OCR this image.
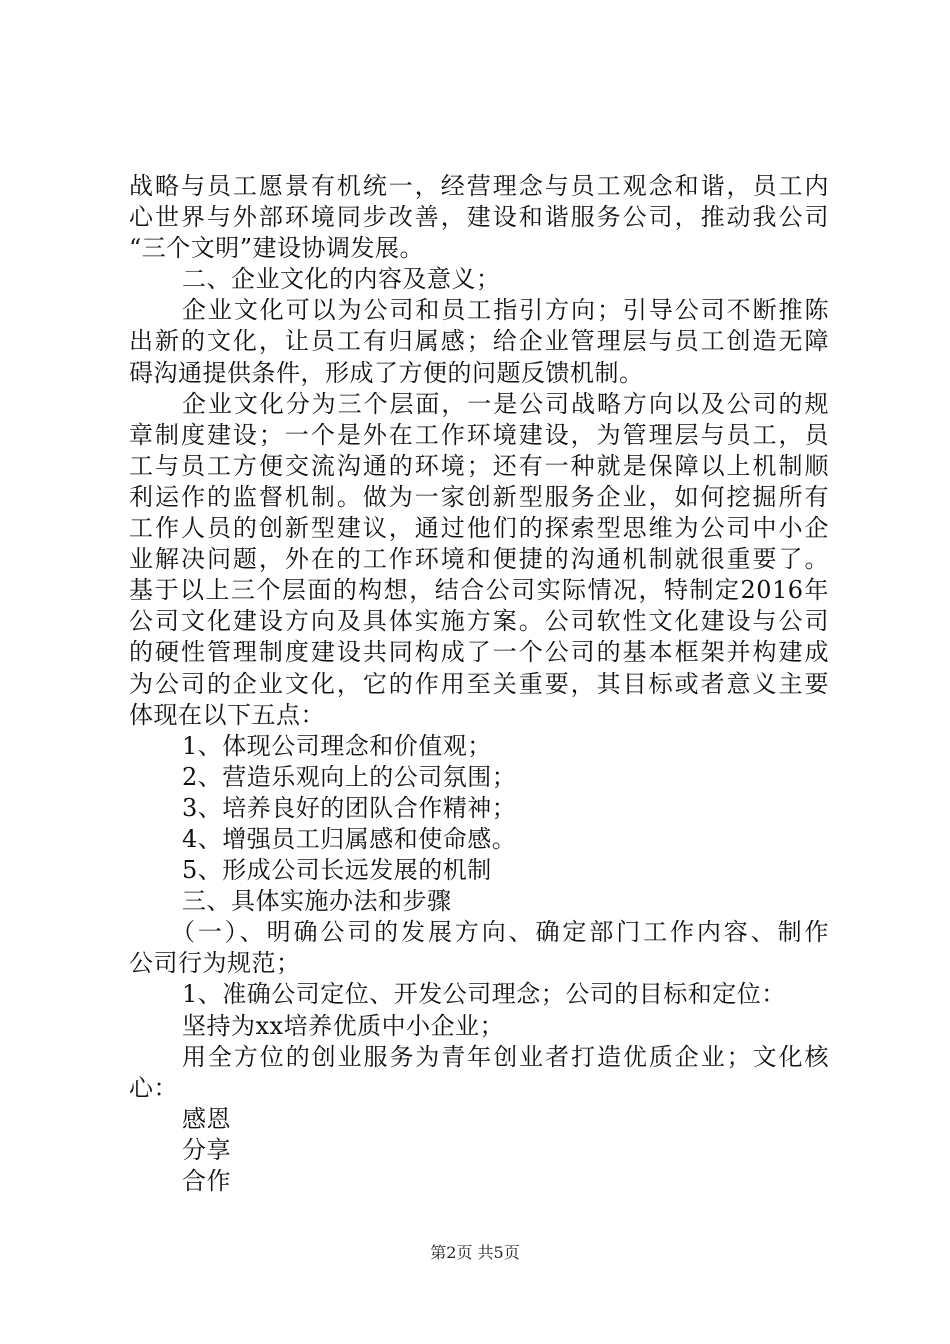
战略与员工愿景有机统一，经营理念与员工观念和谐，员工内
心世界与外部环境同步改善，建设和谐服务公司，推动我公司
“三个文明”建设协调发展。
二、企业文化的内容及意义；
企业文化可以为公司和员工指引方向；引导公司不断推陈
出新的文化，让员工有归属感；给企业管理层与员工创造无障
碍沟通提供条件，形成了方便的问题反馈机制。
企业文化分为三个层面，一是公司战略方向以及公司的规
章制度建设；一个是外在工作环境建设，为管理层与员工，员
工与员工方便交流沟通的环境；还有一种就是保障以上机制顺
利运作的监督机制。做为一家创新型服务企业，如何挖掘所有
工作人员的创新型建议，通过他们的探索型思维为公司中小企
业解决问题，外在的工作环境和便捷的沟通机制就很重要了。
基于以上三个层面的构想，结合公司实际情况，特制定2016年
公司文化建设方向及具体实施方案。公司软性文化建设与公司
的硬性管理制度建设共同构成了一个公司的基本框架并构建成
为公司的企业文化，它的作用至关重要，其目标或者意义主要
体现在以下五点：
1、体现公司理念和价值观；
2、营造乐观向上的公司氛围；
3、培养良好的团队合作精神；
4、增强员工归属感和使命感。
5、形成公司长远发展的机制
三、具体实施办法和步骤
（一）、明确公司的发展方向、确定部门工作内容、制作
公司行为规范；
1、准确公司定位、开发公司理念；公司的目标和定位：
坚持为xx培养优质中小企业；
用全方位的创业服务为青年创业者打造优质企业；文化核
心：
感恩
分享
合作
第2页 共5页
